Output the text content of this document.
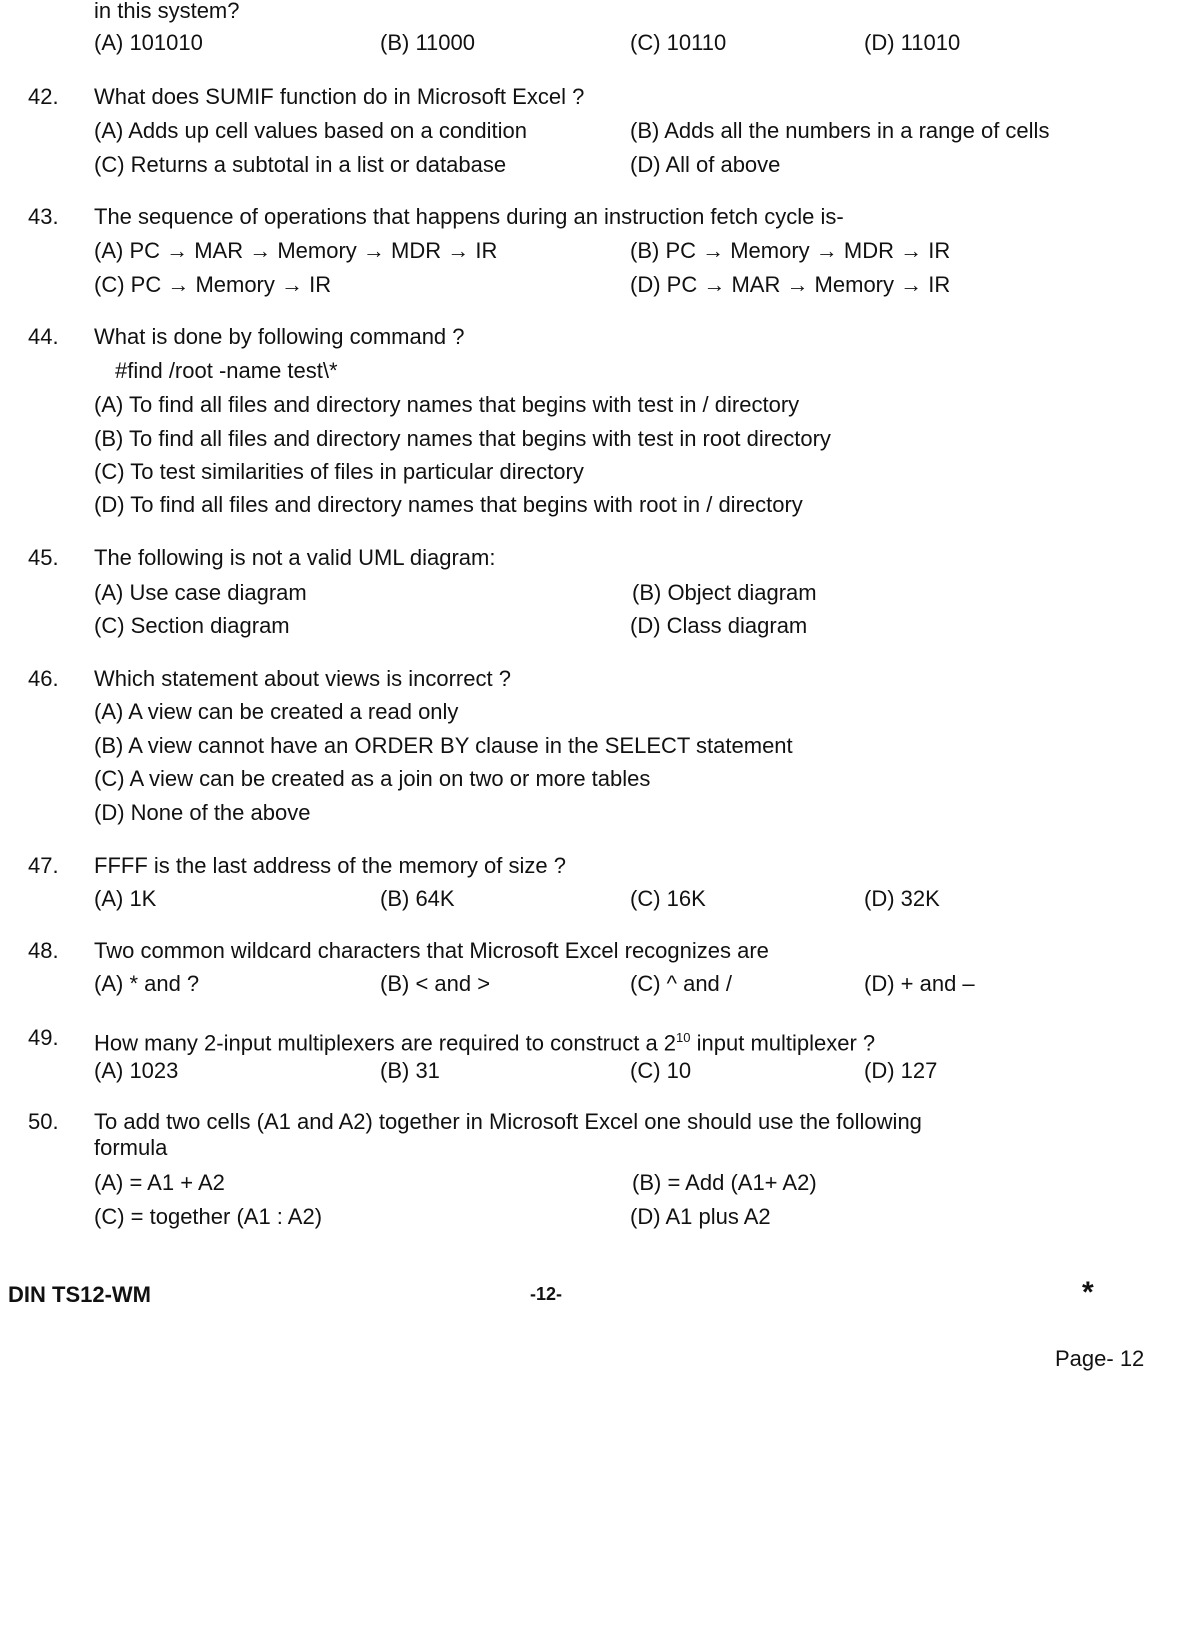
in this system?
(A) 101010	(B) 11000	(C) 10110	(D) 11010
42. What does SUMIF function do in Microsoft Excel ?
(A) Adds up cell values based on a condition	(B) Adds all the numbers in a range of cells
(C) Returns a subtotal in a list or database	(D) All of above
43. The sequence of operations that happens during an instruction fetch cycle is-
(A) PC → MAR → Memory → MDR → IR	(B) PC → Memory → MDR → IR
(C) PC → Memory → IR	(D) PC → MAR → Memory → IR
44. What is done by following command ?
#find /root -name test\*
(A) To find all files and directory names that begins with test in / directory
(B) To find all files and directory names that begins with test in root directory
(C) To test similarities of files in particular directory
(D) To find all files and directory names that begins with root in / directory
45. The following is not a valid UML diagram:
(A) Use case diagram	(B) Object diagram
(C) Section diagram	(D) Class diagram
46. Which statement about views is incorrect ?
(A) A view can be created a read only
(B) A view cannot have an ORDER BY clause in the SELECT statement
(C) A view can be created as a join on two or more tables
(D) None of the above
47. FFFF is the last address of the memory of size ?
(A) 1K	(B) 64K	(C) 16K	(D) 32K
48. Two common wildcard characters that Microsoft Excel recognizes are
(A) * and ?	(B) < and >	(C) ^ and /	(D) + and –
49. How many 2-input multiplexers are required to construct a $2^{10}$ input multiplexer ?
(A) 1023	(B) 31	(C) 10	(D) 127
50. To add two cells (A1 and A2) together in Microsoft Excel one should use the following
formula
(A) = A1 + A2	(B) = Add (A1+ A2)
(C) = together (A1 : A2)	(D) A1 plus A2
DIN TS12-WM	-12-	*
Page- 12
